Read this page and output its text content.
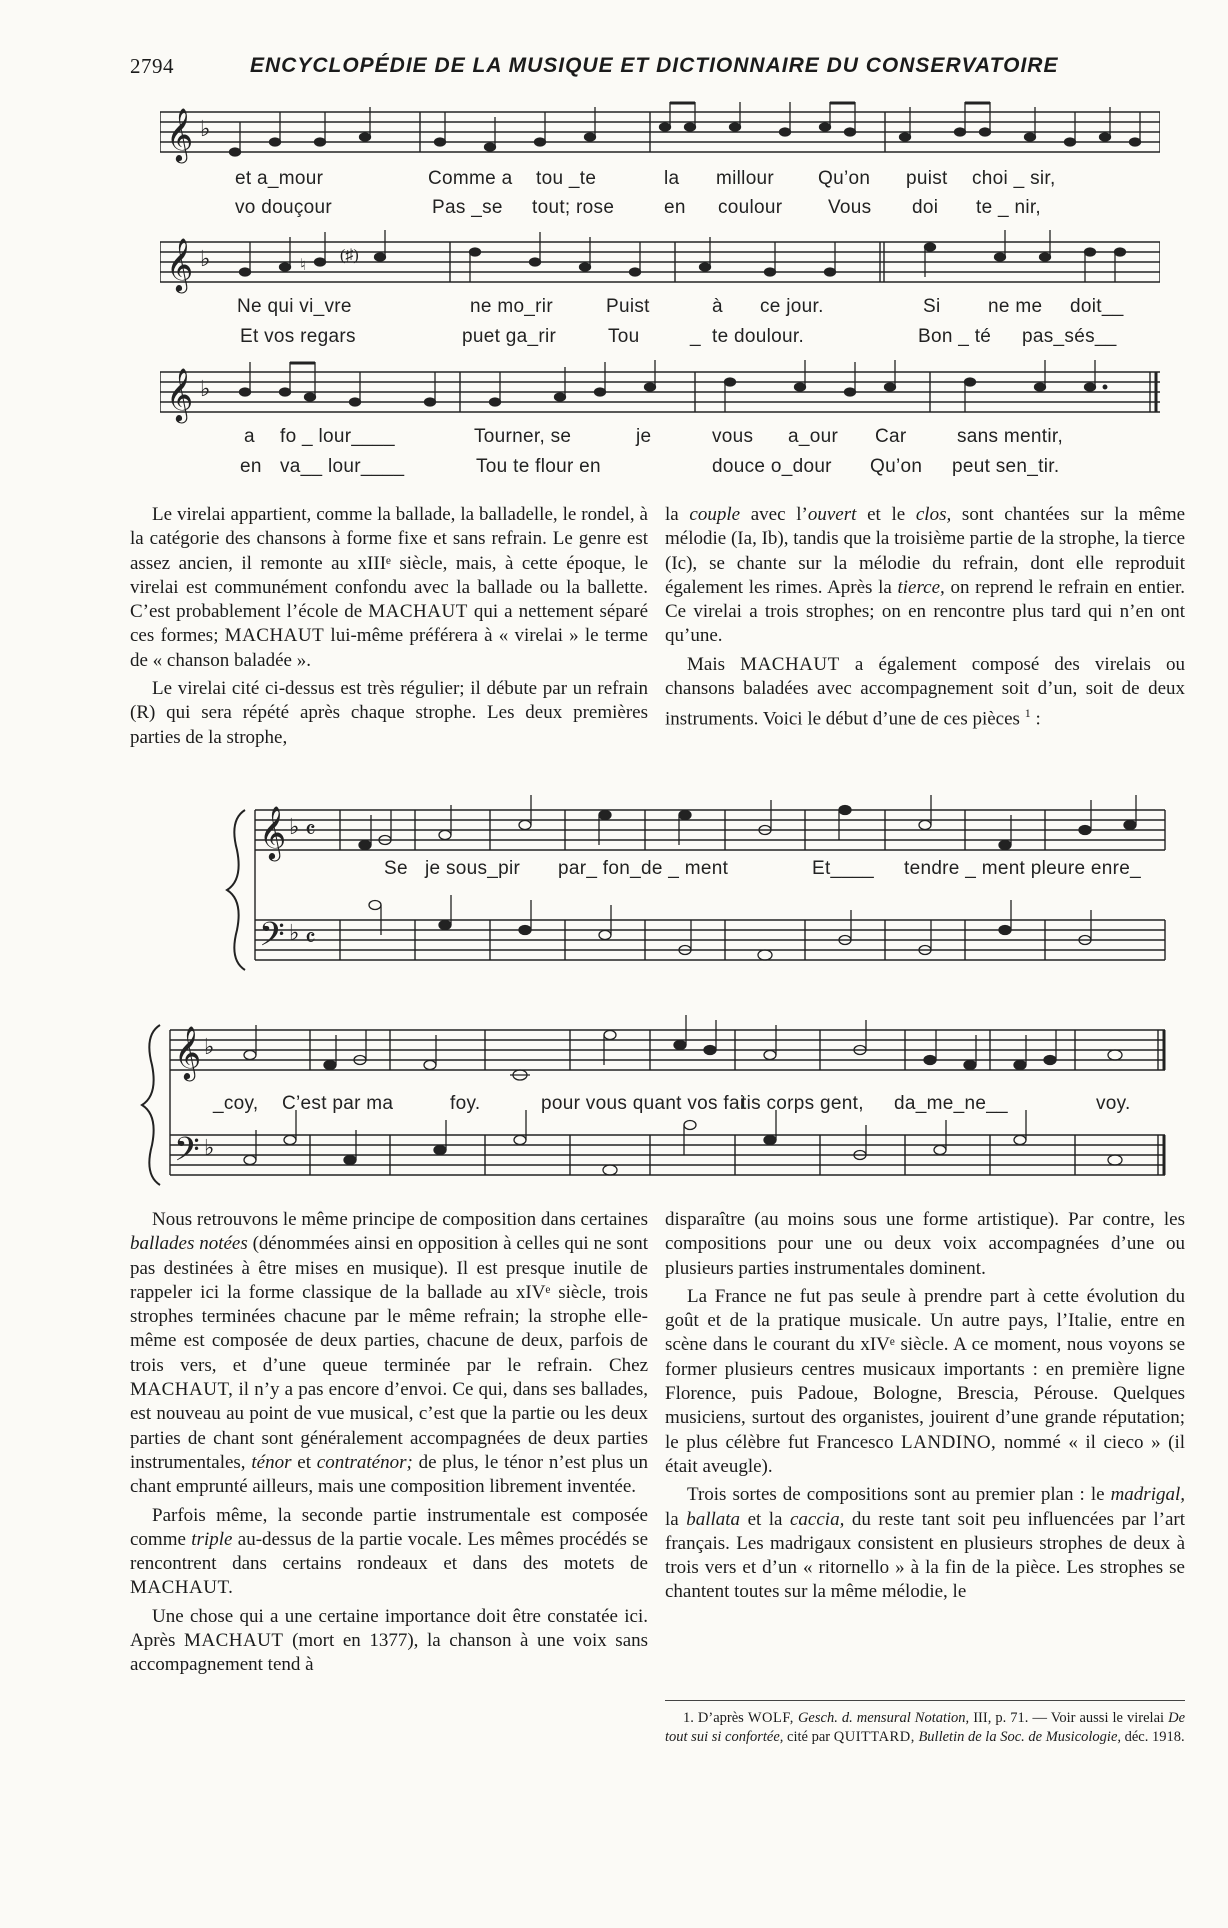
2794	ENCYCLOPÉDIE DE LA MUSIQUE ET DICTIONNAIRE DU CONSERVATOIRE
𝄞 ♭
et a_mour	Comme a tou _te	la millour Qu’on puist choi _ sir,
vo douçour	Pas _se tout; rose	en coulour Vous doi te _ nir,
𝄞 ♭	♮
(♯)
Ne qui vi_vre	ne mo_rir	Puist	à ce jour.	Si	ne me doit__
Et vos regars	puet ga_rir	Tou	_ te doulour.	Bon _ té pas_sés__
𝄞 ♭
a fo _ lour____	Tourner, se	je	vous a_our Car	sans mentir,
en va__ lour____	Tou te flour en	douce o_dour Qu’on peut sen_tir.

Le virelai appartient, comme la ballade, la balladelle, le rondel, à la catégorie des chansons à forme fixe et sans refrain. Le genre est assez ancien, il remonte au xIIIᵉ siècle, mais, à cette époque, le virelai est communément confondu avec la ballade ou la ballette. C’est probablement l’école de MACHAUT qui a nettement séparé ces formes; MACHAUT lui-même préférera à « virelai » le terme de « chanson baladée ».

Le virelai cité ci-dessus est très régulier; il débute par un refrain (R) qui sera répété après chaque strophe. Les deux premières parties de la strophe,

la couple avec l’ouvert et le clos, sont chantées sur la même mélodie (Ia, Ib), tandis que la troisième partie de la strophe, la tierce (Ic), se chante sur la mélodie du refrain, dont elle reproduit également les rimes. Après la tierce, on reprend le refrain en entier. Ce virelai a trois strophes; on en rencontre plus tard qui n’en ont qu’une.

Mais MACHAUT a également composé des virelais ou chansons baladées avec accompagnement soit d’un, soit de deux instruments. Voici le début d’une de ces pièces $^1$ :

𝄞 ♭ 𝄴
𝄢 ♭ 𝄴
Se je sous_pir par_ fon_de _ ment	Et____ tendre _ ment pleure enre_
𝄞 ♭
𝄢 ♭
_coy, C’est par ma	foy.	pour vous quant vos fai
tis corps gent, da_me_ne__	voy.

Nous retrouvons le même principe de composition dans certaines ballades notées (dénommées ainsi en opposition à celles qui ne sont pas destinées à être mises en musique). Il est presque inutile de rappeler ici la forme classique de la ballade au xIVᵉ siècle, trois strophes terminées chacune par le même refrain; la strophe elle-même est composée de deux parties, chacune de deux, parfois de trois vers, et d’une queue terminée par le refrain. Chez MACHAUT, il n’y a pas encore d’envoi. Ce qui, dans ses ballades, est nouveau au point de vue musical, c’est que la partie ou les deux parties de chant sont généralement accompagnées de deux parties instrumentales, ténor et contraténor; de plus, le ténor n’est plus un chant emprunté ailleurs, mais une composition librement inventée.

Parfois même, la seconde partie instrumentale est composée comme triple au-dessus de la partie vocale. Les mêmes procédés se rencontrent dans certains rondeaux et dans des motets de MACHAUT.

Une chose qui a une certaine importance doit être constatée ici. Après MACHAUT (mort en 1377), la chanson à une voix sans accompagnement tend à

disparaître (au moins sous une forme artistique). Par contre, les compositions pour une ou deux voix accompagnées d’une ou plusieurs parties instrumentales dominent.

La France ne fut pas seule à prendre part à cette évolution du goût et de la pratique musicale. Un autre pays, l’Italie, entre en scène dans le courant du xIVᵉ siècle. A ce moment, nous voyons se former plusieurs centres musicaux importants : en première ligne Florence, puis Padoue, Bologne, Brescia, Pérouse. Quelques musiciens, surtout des organistes, jouirent d’une grande réputation; le plus célèbre fut Francesco LANDINO, nommé « il cieco » (il était aveugle).

Trois sortes de compositions sont au premier plan : le madrigal, la ballata et la caccia, du reste tant soit peu influencées par l’art français. Les madrigaux consistent en plusieurs strophes de deux à trois vers et d’un « ritornello » à la fin de la pièce. Les strophes se chantent toutes sur la même mélodie, le

1. D’après WOLF, Gesch. d. mensural Notation, III, p. 71. — Voir aussi le virelai De tout sui si confortée, cité par QUITTARD, Bulletin de la Soc. de Musicologie, déc. 1918.
